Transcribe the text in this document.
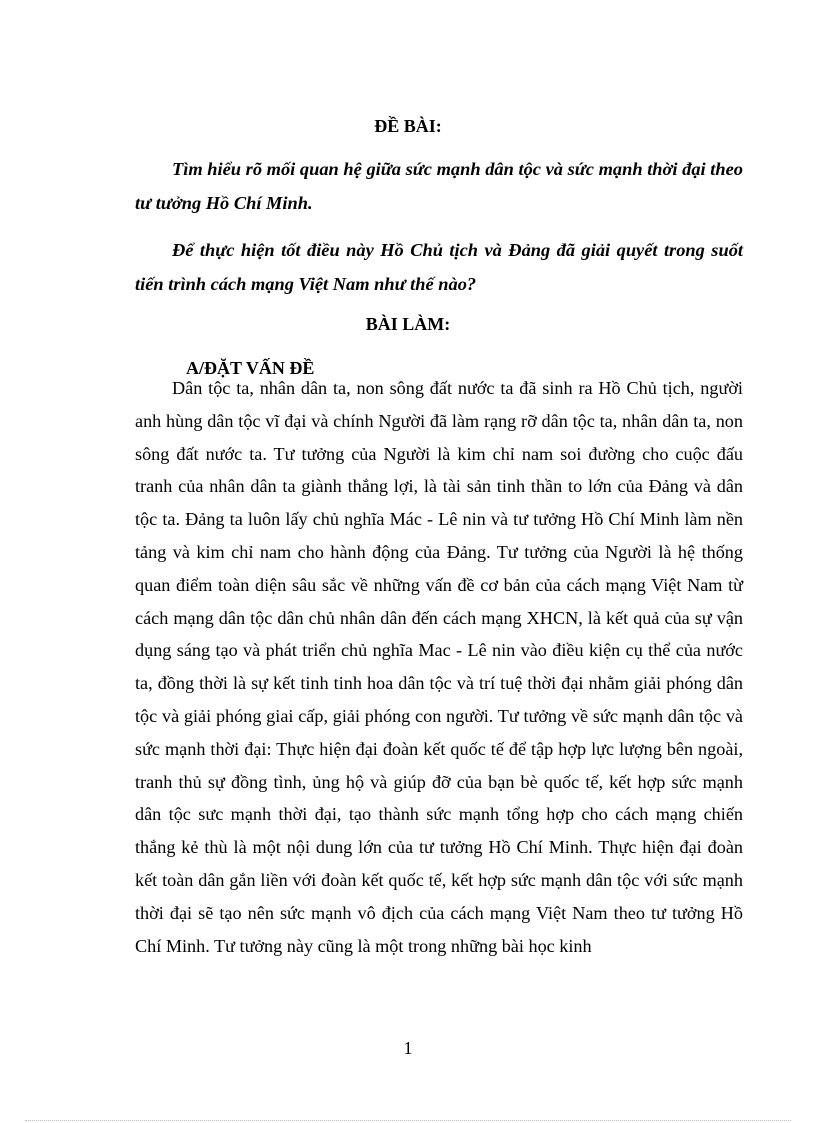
ĐỀ BÀI:

Tìm hiểu rõ mối quan hệ giữa sức mạnh dân tộc và sức mạnh thời đại theo tư tưởng Hồ Chí Minh.

Để thực hiện tốt điều này Hồ Chủ tịch và Đảng đã giải quyết trong suốt tiến trình cách mạng Việt Nam như thế nào?

BÀI LÀM:
A/ĐẶT VẤN ĐỀ

Dân tộc ta, nhân dân ta, non sông đất nước ta đã sinh ra Hồ Chủ tịch, người anh hùng dân tộc vĩ đại và chính Người đã làm rạng rỡ dân tộc ta, nhân dân ta, non sông đất nước ta. Tư tưởng của Người là kim chỉ nam soi đường cho cuộc đấu tranh của nhân dân ta giành thắng lợi, là tài sản tinh thần to lớn của Đảng và dân tộc ta. Đảng ta luôn lấy chủ nghĩa Mác - Lê nin và tư tưởng Hồ Chí Minh làm nền tảng và kim chỉ nam cho hành động của Đảng. Tư tưởng của Người là hệ thống quan điểm toàn diện sâu sắc về những vấn đề cơ bản của cách mạng Việt Nam từ cách mạng dân tộc dân chủ nhân dân đến cách mạng XHCN, là kết quả của sự vận dụng sáng tạo và phát triển chủ nghĩa Mac - Lê nin vào điều kiện cụ thể của nước ta, đồng thời là sự kết tinh tinh hoa dân tộc và trí tuệ thời đại nhằm giải phóng dân tộc và giải phóng giai cấp, giải phóng con người. Tư tưởng về sức mạnh dân tộc và sức mạnh thời đại: Thực hiện đại đoàn kết quốc tế để tập hợp lực lượng bên ngoài, tranh thủ sự đồng tình, ủng hộ và giúp đỡ của bạn bè quốc tế, kết hợp sức mạnh dân tộc sưc mạnh thời đại, tạo thành sức mạnh tổng hợp cho cách mạng chiến thắng kẻ thù là một nội dung lớn của tư tưởng Hồ Chí Minh. Thực hiện đại đoàn kết toàn dân gắn liền với đoàn kết quốc tế, kết hợp sức mạnh dân tộc với sức mạnh thời đại sẽ tạo nên sức mạnh vô địch của cách mạng Việt Nam theo tư tưởng Hồ Chí Minh. Tư tưởng này cũng là một trong những bài học kinh

1
